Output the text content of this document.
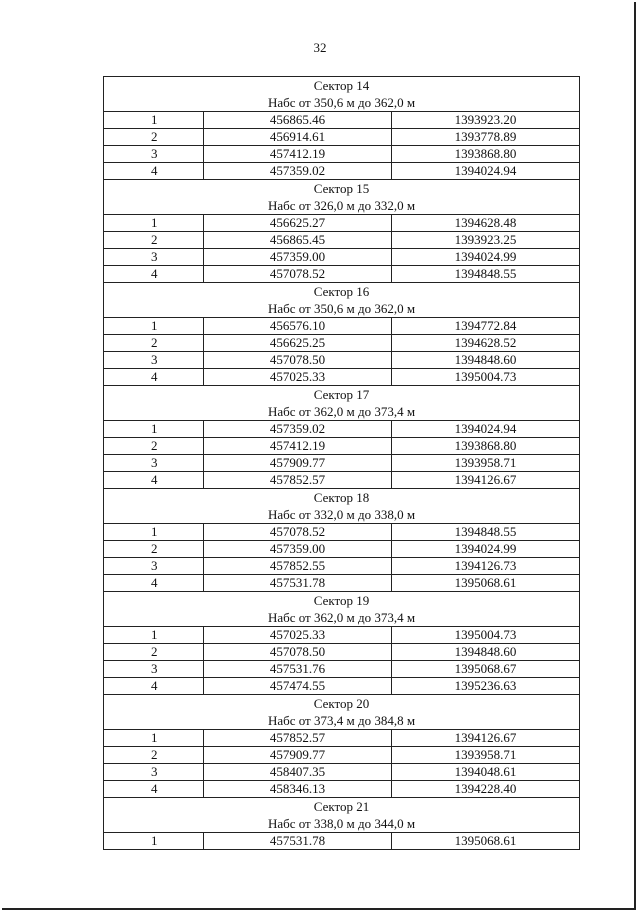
32
Сектор 14
Набс от 350,6 м до 362,0 м		

1	456865.46	1393923.20
2	456914.61	1393778.89
3	457412.19	1393868.80
4	457359.02	1394024.94

Сектор 15
Набс от 326,0 м до 332,0 м		

1	456625.27	1394628.48
2	456865.45	1393923.25
3	457359.00	1394024.99
4	457078.52	1394848.55

Сектор 16
Набс от 350,6 м до 362,0 м		

1	456576.10	1394772.84
2	456625.25	1394628.52
3	457078.50	1394848.60
4	457025.33	1395004.73

Сектор 17
Набс от 362,0 м до 373,4 м		

1	457359.02	1394024.94
2	457412.19	1393868.80
3	457909.77	1393958.71
4	457852.57	1394126.67

Сектор 18
Набс от 332,0 м до 338,0 м		

1	457078.52	1394848.55
2	457359.00	1394024.99
3	457852.55	1394126.73
4	457531.78	1395068.61

Сектор 19
Набс от 362,0 м до 373,4 м		

1	457025.33	1395004.73
2	457078.50	1394848.60
3	457531.76	1395068.67
4	457474.55	1395236.63

Сектор 20
Набс от 373,4 м до 384,8 м		

1	457852.57	1394126.67
2	457909.77	1393958.71
3	458407.35	1394048.61
4	458346.13	1394228.40

Сектор 21
Набс от 338,0 м до 344,0 м		

1	457531.78	1395068.61
